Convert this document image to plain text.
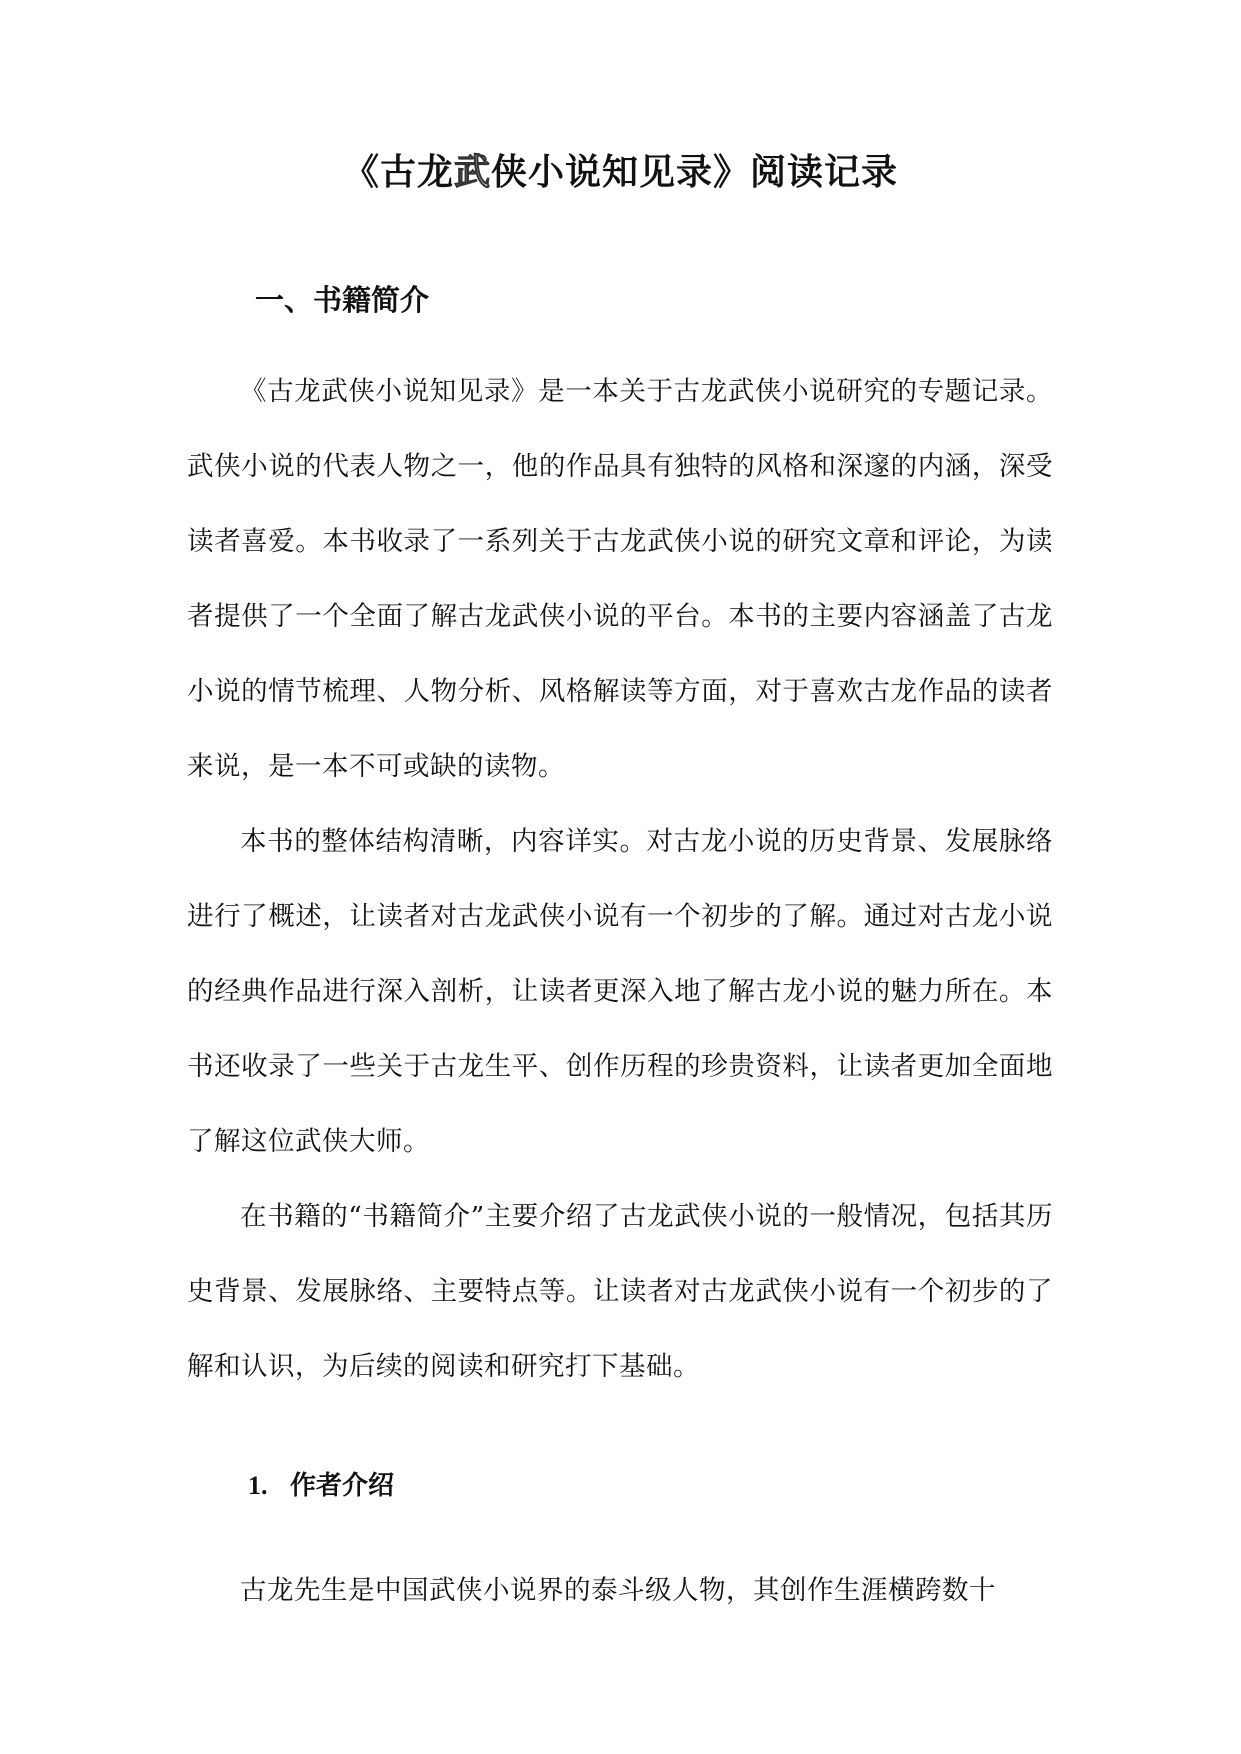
《古龙武侠小说知见录》阅读记录
一、书籍简介

《古龙武侠小说知见录》是一本关于古龙武侠小说研究的专题记录。武侠小说的代表人物之一，他的作品具有独特的风格和深邃的内涵，深受读者喜爱。本书收录了一系列关于古龙武侠小说的研究文章和评论，为读者提供了一个全面了解古龙武侠小说的平台。本书的主要内容涵盖了古龙小说的情节梳理、人物分析、风格解读等方面，对于喜欢古龙作品的读者来说，是一本不可或缺的读物。

本书的整体结构清晰，内容详实。对古龙小说的历史背景、发展脉络进行了概述，让读者对古龙武侠小说有一个初步的了解。通过对古龙小说的经典作品进行深入剖析，让读者更深入地了解古龙小说的魅力所在。本书还收录了一些关于古龙生平、创作历程的珍贵资料，让读者更加全面地了解这位武侠大师。

在书籍的“书籍简介”主要介绍了古龙武侠小说的一般情况，包括其历史背景、发展脉络、主要特点等。让读者对古龙武侠小说有一个初步的了解和认识，为后续的阅读和研究打下基础。

1. 作者介绍

古龙先生是中国武侠小说界的泰斗级人物，其创作生涯横跨数十
